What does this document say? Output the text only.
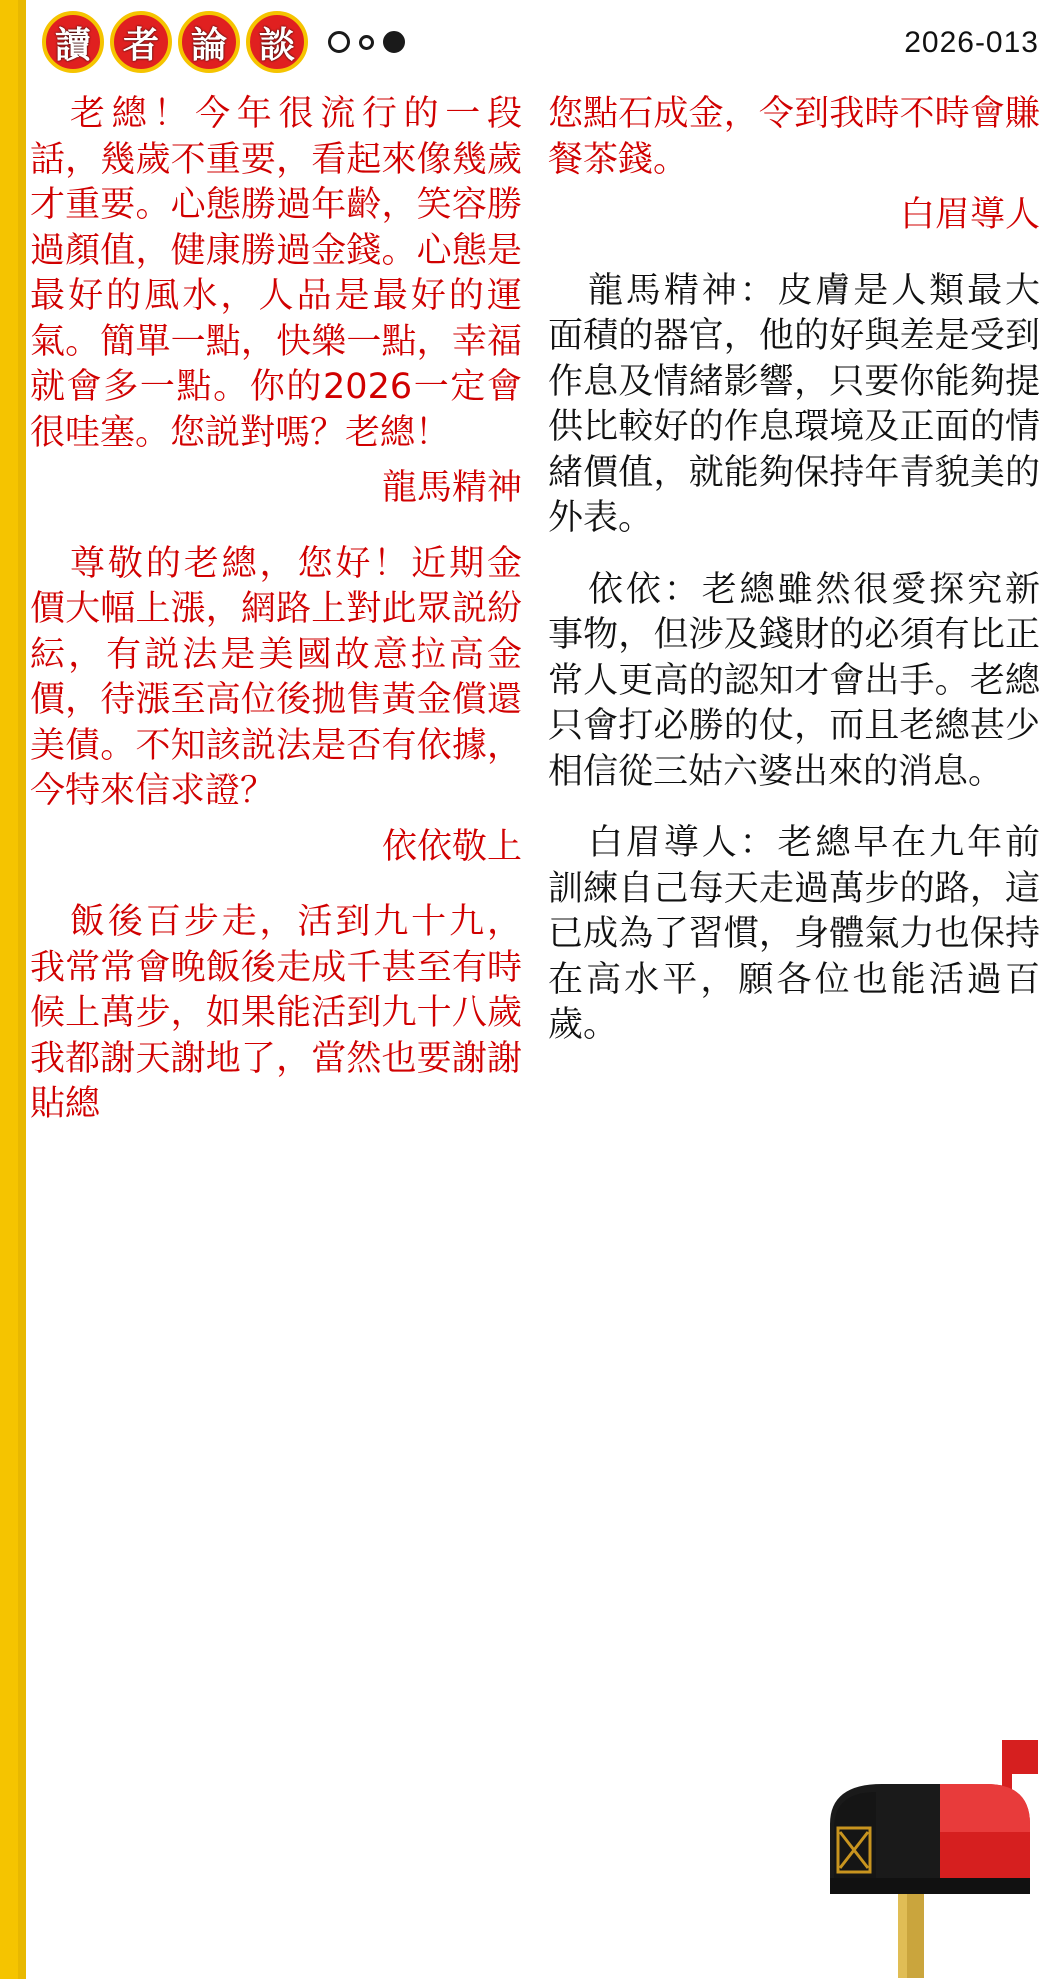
讀 者 論 談	2026-013

老總！今年很流行的一段話，幾歲不重要，看起來像幾歲才重要。心態勝過年齡，笑容勝過顏值，健康勝過金錢。心態是最好的風水，人品是最好的運氣。簡單一點，快樂一點，幸福就會多一點。你的2026一定會很哇塞。您説對嗎？老總！

龍馬精神

尊敬的老總，您好！近期金價大幅上漲，網路上對此眾説紛紜，有説法是美國故意拉高金價，待漲至高位後拋售黃金償還美債。不知該説法是否有依據，今特來信求證？

依依敬上

飯後百步走，活到九十九，我常常會晚飯後走成千甚至有時候上萬步，如果能活到九十八歲我都謝天謝地了，當然也要謝謝貼總

您點石成金，令到我時不時會賺餐茶錢。

白眉導人

龍馬精神：皮膚是人類最大面積的器官，他的好與差是受到作息及情緒影響，只要你能夠提供比較好的作息環境及正面的情緒價值，就能夠保持年青貌美的外表。

依依：老總雖然很愛探究新事物，但涉及錢財的必須有比正常人更高的認知才會出手。老總只會打必勝的仗，而且老總甚少相信從三姑六婆出來的消息。

白眉導人：老總早在九年前訓練自己每天走過萬步的路，這已成為了習慣，身體氣力也保持在高水平，願各位也能活過百歲。
